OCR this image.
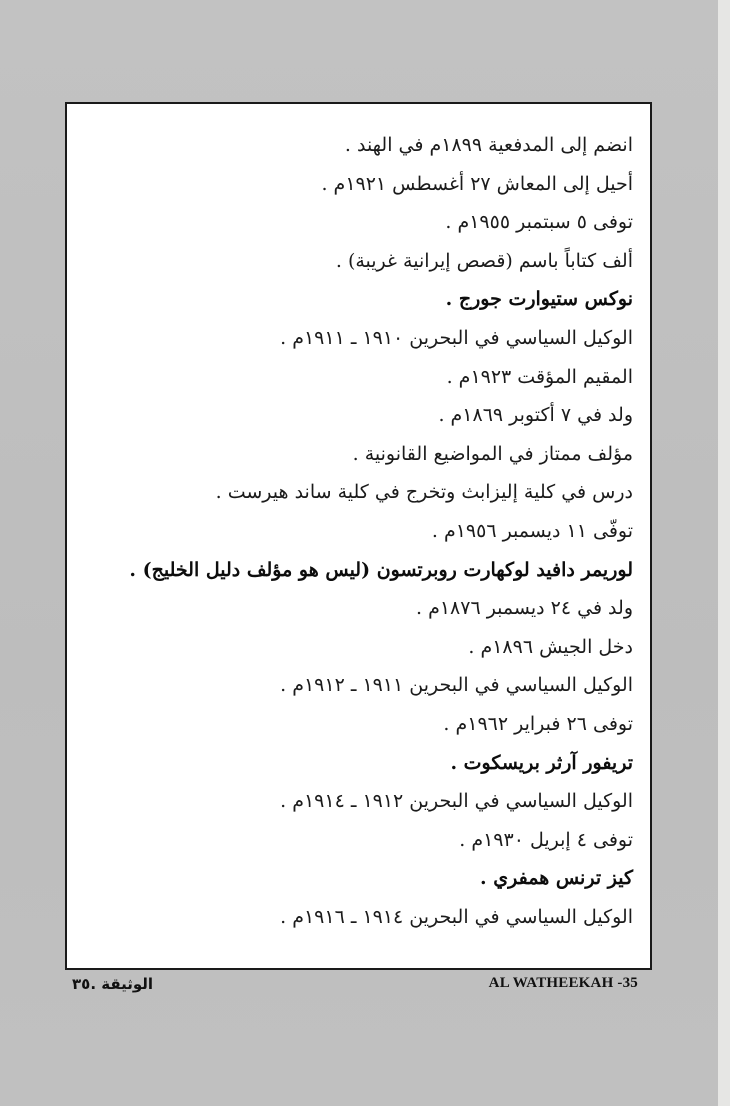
انضم إلى المدفعية ١٨٩٩م في الهند .
أحيل إلى المعاش ٢٧ أغسطس ١٩٢١م .
توفى ٥ سبتمبر ١٩٥٥م .
ألف كتاباً باسم (قصص إيرانية غريبة) .
نوكس ستيوارت جورج .
الوكيل السياسي في البحرين ١٩١٠ ـ ١٩١١م .
المقيم المؤقت ١٩٢٣م .
ولد في ٧ أكتوبر ١٨٦٩م .
مؤلف ممتاز في المواضيع القانونية .
درس في كلية إليزابث وتخرج في كلية ساند هيرست .
توفّى ١١ ديسمبر ١٩٥٦م .
لوريمر دافيد لوكهارت روبرتسون (ليس هو مؤلف دليل الخليج) .
ولد في ٢٤ ديسمبر ١٨٧٦م .
دخل الجيش ١٨٩٦م .
الوكيل السياسي في البحرين ١٩١١ ـ ١٩١٢م .
توفى ٢٦ فبراير ١٩٦٢م .
تريفور آرثر بريسكوت .
الوكيل السياسي في البحرين ١٩١٢ ـ ١٩١٤م .
توفى ٤ إبريل ١٩٣٠م .
كيز ترنس همفري .
الوكيل السياسي في البحرين ١٩١٤ ـ ١٩١٦م .
الوثيقة .٣٥	AL WATHEEKAH -35
